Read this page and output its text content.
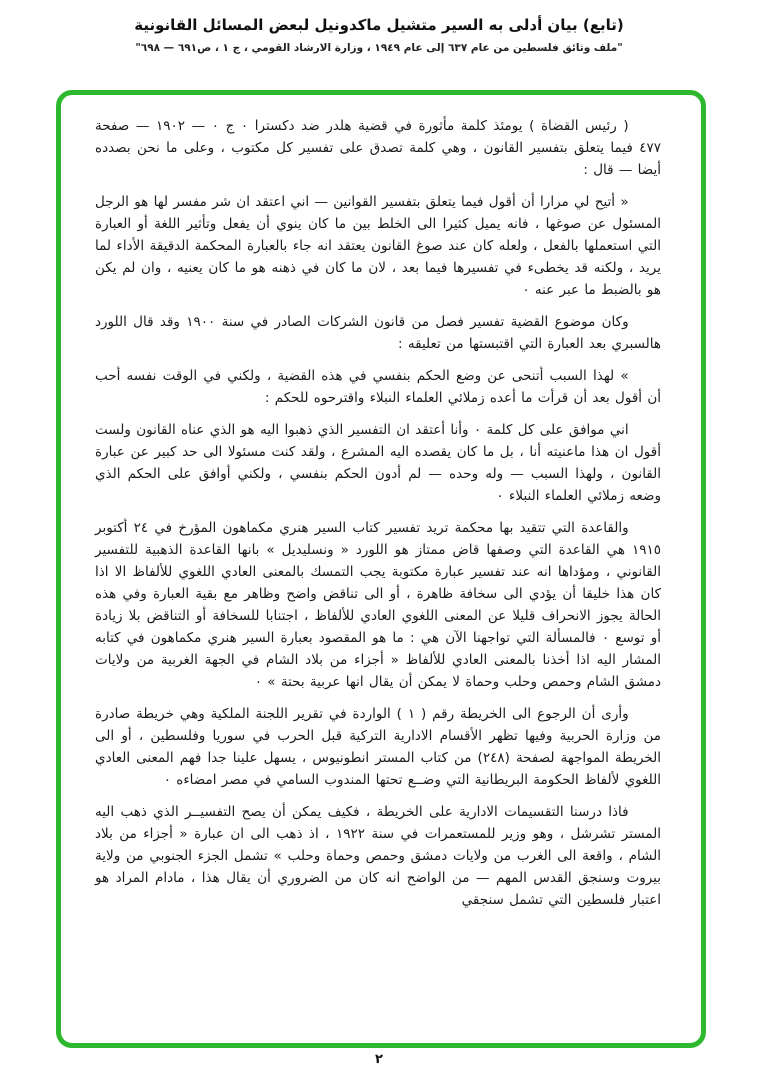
(تابع) بيان أدلى به السير متشيل ماكدونيل لبعض المسائل القانونية
"ملف وثائق فلسطين من عام ٦٣٧ إلى عام ١٩٤٩ ، وزارة الارشاد القومي ، ج ١ ، ص٦٩١ — ٦٩٨"

( رئيس القضاة ) يومئذ كلمة مأثورة في قضية هلدر ضد دكسترا ٠ ج ٠ — ١٩٠٢ — صفحة ٤٧٧ فيما يتعلق بتفسير القانون ، وهي كلمة تصدق على تفسير كل مكتوب ، وعلى ما نحن بصدده أيضا — قال :

« أتيح لي مرارا أن أقول فيما يتعلق بتفسير القوانين — اني اعتقد ان شر مفسر لها هو الرجل المسئول عن صوغها ، فانه يميل كثيرا الى الخلط بين ما كان ينوي أن يفعل وتأثير اللغة أو العبارة التي استعملها بالفعل ، ولعله كان عند صوغ القانون يعتقد انه جاء بالعبارة المحكمة الدقيقة الأداء لما يريد ، ولكنه قد يخطىء في تفسيرها فيما بعد ، لان ما كان في ذهنه هو ما كان يعنيه ، وان لم يكن هو بالضبط ما عبر عنه ٠

وكان موضوع القضية تفسير فصل من قانون الشركات الصادر في سنة ١٩٠٠ وقد قال اللورد هالسبري بعد العبارة التي اقتبستها من تعليقه :

» لهذا السبب أتنحى عن وضع الحكم بنفسي في هذه القضية ، ولكني في الوقت نفسه أحب أن أقول بعد أن قرأت ما أعده زملائي العلماء النبلاء واقترحوه للحكم :

اني موافق على كل كلمة ٠ وأنا أعتقد ان التفسير الذي ذهبوا اليه هو الذي عناه القانون ولست أقول ان هذا ماعنيته أنا ، بل ما كان يقصده اليه المشرع ، ولقد كنت مسئولا الى حد كبير عن عبارة القانون ، ولهذا السبب — وله وحده — لم أدون الحكم بنفسي ، ولكني أوافق على الحكم الذي وضعه زملائي العلماء النبلاء ٠

والقاعدة التي تتقيد بها محكمة تريد تفسير كتاب السير هنري مكماهون المؤرخ في ٢٤ أكتوبر ١٩١٥ هي القاعدة التي وصفها قاض ممتاز هو اللورد « ونسليديل » بانها القاعدة الذهبية للتفسير القانوني ، ومؤداها انه عند تفسير عبارة مكتوبة يجب التمسك بالمعنى العادي اللغوي للألفاظ الا اذا كان هذا خليقا أن يؤدي الى سخافة ظاهرة ، أو الى تناقض واضح وظاهر مع بقية العبارة وفي هذه الحالة يجوز الانحراف قليلا عن المعنى اللغوي العادي للألفاظ ، اجتنابا للسخافة أو التناقض بلا زيادة أو توسع ٠ فالمسألة التي تواجهنا الآن هي : ما هو المقصود بعبارة السير هنري مكماهون في كتابه المشار اليه اذا أخذنا بالمعنى العادي للألفاظ « أجزاء من بلاد الشام في الجهة الغربية من ولايات دمشق الشام وحمص وحلب وحماة لا يمكن أن يقال انها عربية بحتة » ٠

وأرى أن الرجوع الى الخريطة رقم ( ١ ) الواردة في تقرير اللجنة الملكية وهي خريطة صادرة من وزارة الحربية وفيها تظهر الأقسام الادارية التركية قبل الحرب في سوريا وفلسطين ، أو الى الخريطة المواجهة لصفحة (٢٤٨) من كتاب المستر انطونيوس ، يسهل علينا جدا فهم المعنى العادي اللغوي لألفاظ الحكومة البريطانية التي وضــع تحتها المندوب السامي في مصر امضاءه ٠

فاذا درسنا التقسيمات الادارية على الخريطة ، فكيف يمكن أن يصح التفسيــر الذي ذهب اليه المستر تشرشل ، وهو وزير للمستعمرات في سنة ١٩٢٢ ، اذ ذهب الى ان عبارة « أجزاء من بلاد الشام ، واقعة الى الغرب من ولايات دمشق وحمص وحماة وحلب » تشمل الجزء الجنوبي من ولاية بيروت وسنجق القدس المهم — من الواضح انه كان من الضروري أن يقال هذا ، مادام المراد هو اعتبار فلسطين التي تشمل سنجقي

٢
